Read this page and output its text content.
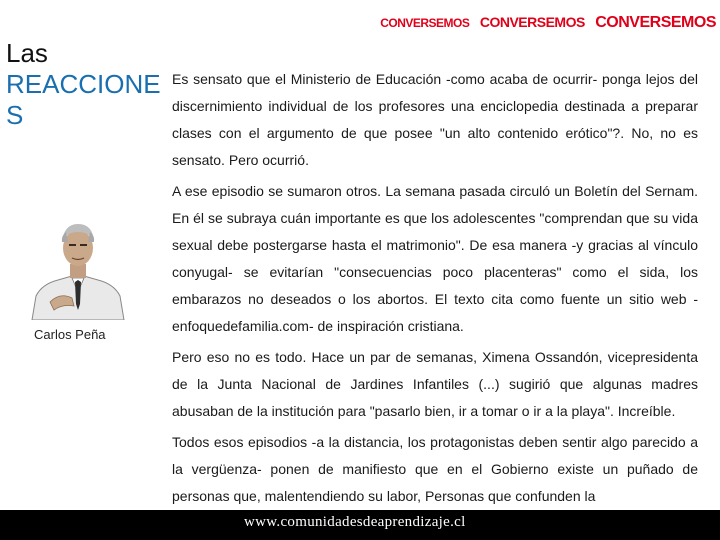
CONVERSEMOS CONVERSEMOS CONVERSEMOS
Las
REACCIONES
Carlos Peña

Es sensato que el Ministerio de Educación -como acaba de ocurrir- ponga lejos del discernimiento individual de los profesores una enciclopedia destinada a preparar clases con el argumento de que posee "un alto contenido erótico"?. No, no es sensato. Pero ocurrió.

A ese episodio se sumaron otros. La semana pasada circuló un Boletín del Sernam. En él se subraya cuán importante es que los adolescentes "comprendan que su vida sexual debe postergarse hasta el matrimonio". De esa manera -y gracias al vínculo conyugal- se evitarían "consecuencias poco placenteras" como el sida, los embarazos no deseados o los abortos. El texto cita como fuente un sitio web -enfoquedefamilia.com- de inspiración cristiana.

Pero eso no es todo. Hace un par de semanas, Ximena Ossandón, vicepresidenta de la Junta Nacional de Jardines Infantiles (...) sugirió que algunas madres abusaban de la institución para "pasarlo bien, ir a tomar o ir a la playa". Increíble.

Todos esos episodios -a la distancia, los protagonistas deben sentir algo parecido a la vergüenza- ponen de manifiesto que en el Gobierno existe un puñado de personas que, malentendiendo su labor, Personas que confunden la

www.comunidadesdeaprendizaje.cl
